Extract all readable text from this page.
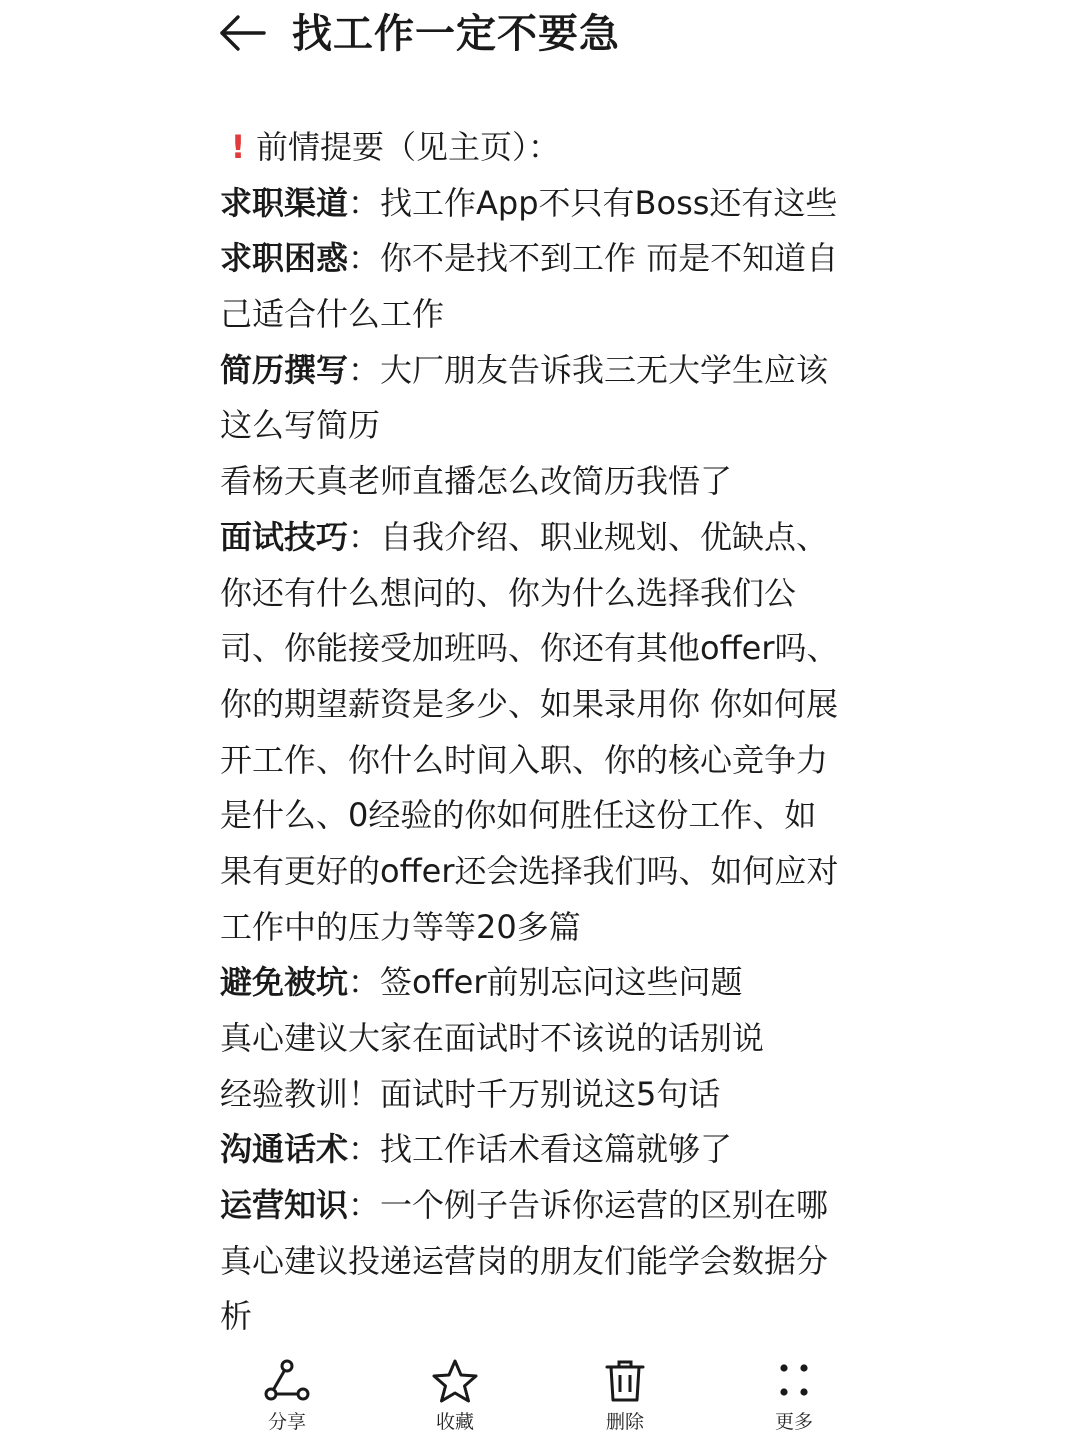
找工作一定不要急
! 前情提要（见主页）：
求职渠道：找工作App不只有Boss还有这些
求职困惑：你不是找不到工作 而是不知道自
己适合什么工作
简历撰写：大厂朋友告诉我三无大学生应该
这么写简历
看杨天真老师直播怎么改简历我悟了
面试技巧：自我介绍、职业规划、优缺点、
你还有什么想问的、你为什么选择我们公
司、你能接受加班吗、你还有其他offer吗、
你的期望薪资是多少、如果录用你 你如何展
开工作、你什么时间入职、你的核心竞争力
是什么、0经验的你如何胜任这份工作、如
果有更好的offer还会选择我们吗、如何应对
工作中的压力等等20多篇
避免被坑：签offer前别忘问这些问题
真心建议大家在面试时不该说的话别说
经验教训！面试时千万别说这5句话
沟通话术：找工作话术看这篇就够了
运营知识：一个例子告诉你运营的区别在哪
真心建议投递运营岗的朋友们能学会数据分
析
分享	收藏	删除	更多
